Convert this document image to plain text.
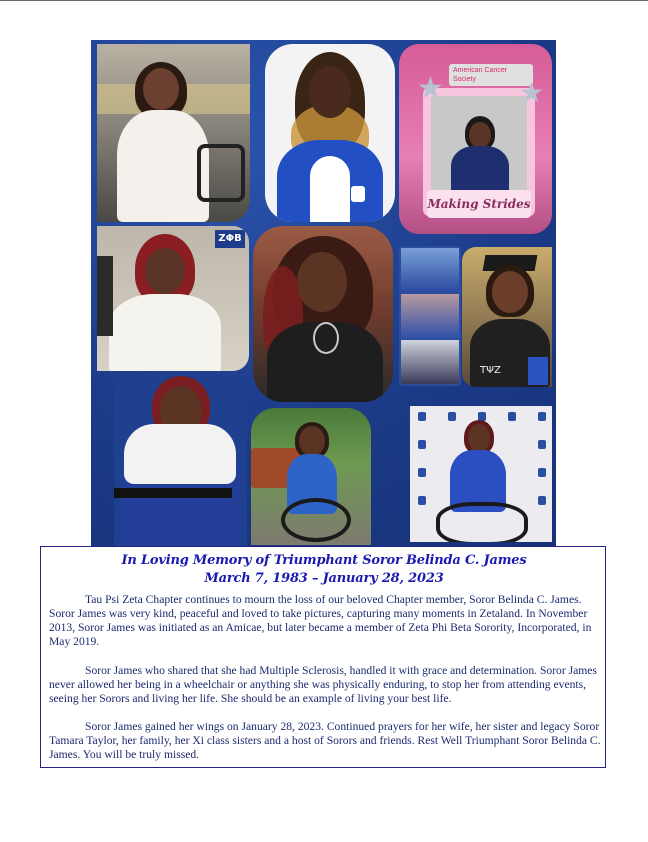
American Cancer Society
Making Strides
★	★
ZΦB
ΤΨΖ
In Loving Memory of Triumphant Soror Belinda C. James
March 7, 1983 – January 28, 2023

Tau Psi Zeta Chapter continues to mourn the loss of our beloved Chapter member, Soror Belinda C. James. Soror James was very kind, peaceful and loved to take pictures, capturing many moments in Zetaland. In November 2013, Soror James was initiated as an Amicae, but later became a member of Zeta Phi Beta Sorority, Incorporated, in May 2019.

Soror James who shared that she had Multiple Sclerosis, handled it with grace and determination. Soror James never allowed her being in a wheelchair or anything she was physically enduring, to stop her from attending events, seeing her Sorors and living her life. She should be an example of living your best life.

Soror James gained her wings on January 28, 2023. Continued prayers for her wife, her sister and legacy Soror Tamara Taylor, her family, her Xi class sisters and a host of Sorors and friends. Rest Well Triumphant Soror Belinda C. James. You will be truly missed.
